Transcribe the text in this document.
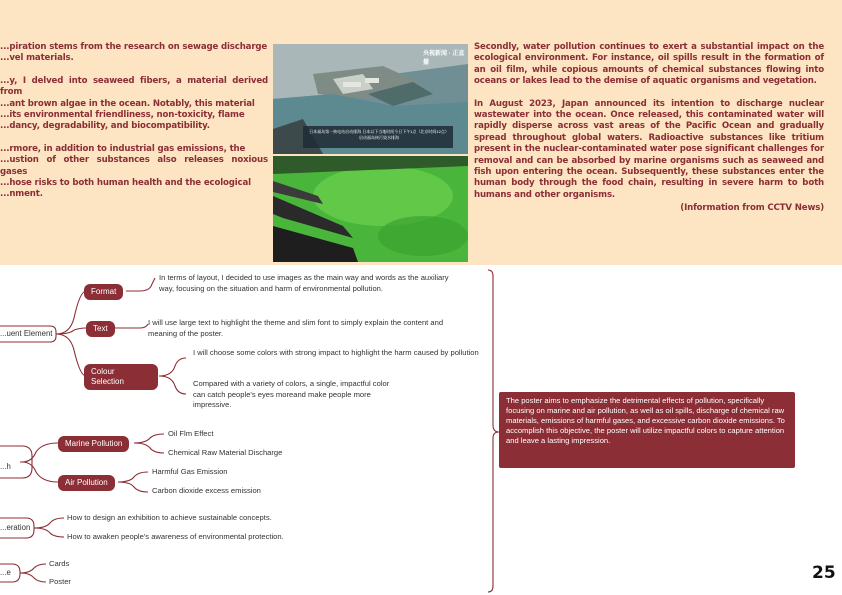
...piration stems from the research on sewage discharge
...vel materials.

...y, I delved into seaweed fibers, a material derived from
...ant brown algae in the ocean. Notably, this material
...its environmental friendliness, non-toxicity, flame
...dancy, degradability, and biocompatibility.

...rmore, in addition to industrial gas emissions, the
...ustion of other substances also releases noxious gases
...hose risks to both human health and the ecological
...nment.

央视新闻 · 正直播
日本福岛第一核电站启动排海 日本以下当地时间今日下午1点（北京时间12点）启动福岛核污染水排海

Secondly, water pollution continues to exert a substantial impact on the ecological environment. For instance, oil spills result in the formation of an oil film, while copious amounts of chemical substances flowing into oceans or lakes lead to the demise of aquatic organisms and vegetation.

In August 2023, Japan announced its intention to discharge nuclear wastewater into the ocean. Once released, this contaminated water will rapidly disperse across vast areas of the Pacific Ocean and gradually spread throughout global waters. Radioactive substances like tritium present in the nuclear-contaminated water pose significant challenges for removal and can be absorbed by marine organisms such as seaweed and fish upon entering the ocean. Subsequently, these substances enter the human body through the food chain, resulting in severe harm to both humans and other organisms.

(Information from CCTV News)
...uent Element
Format
Text
Colour
Selection
In terms of layout, I decided to use images as the main way and words as the auxiliary way, focusing on the situation and harm of environmental pollution.
I will use large text to highlight the theme and slim font to simply explain the content and meaning of the poster.
I will choose some colors with strong impact to highlight the harm caused by pollution
Compared with a variety of colors, a single, impactful color can catch people's eyes moreand make people more impressive.
...h
Marine Pollution
Air Pollution
Oil Flm Effect
Chemical Raw Material Discharge
Harmful Gas Emission
Carbon dioxide excess emission
...eration
How to design an exhibition to achieve sustainable concepts.
How to awaken people's awareness of environmental protection.
...e
Cards
Poster
The poster aims to emphasize the detrimental effects of pollution, specifically focusing on marine and air pollution, as well as oil spills, discharge of chemical raw materials, emissions of harmful gases, and excessive carbon dioxide emissions. To accomplish this objective, the poster will utilize impactful colors to capture attention and leave a lasting impression.
25
